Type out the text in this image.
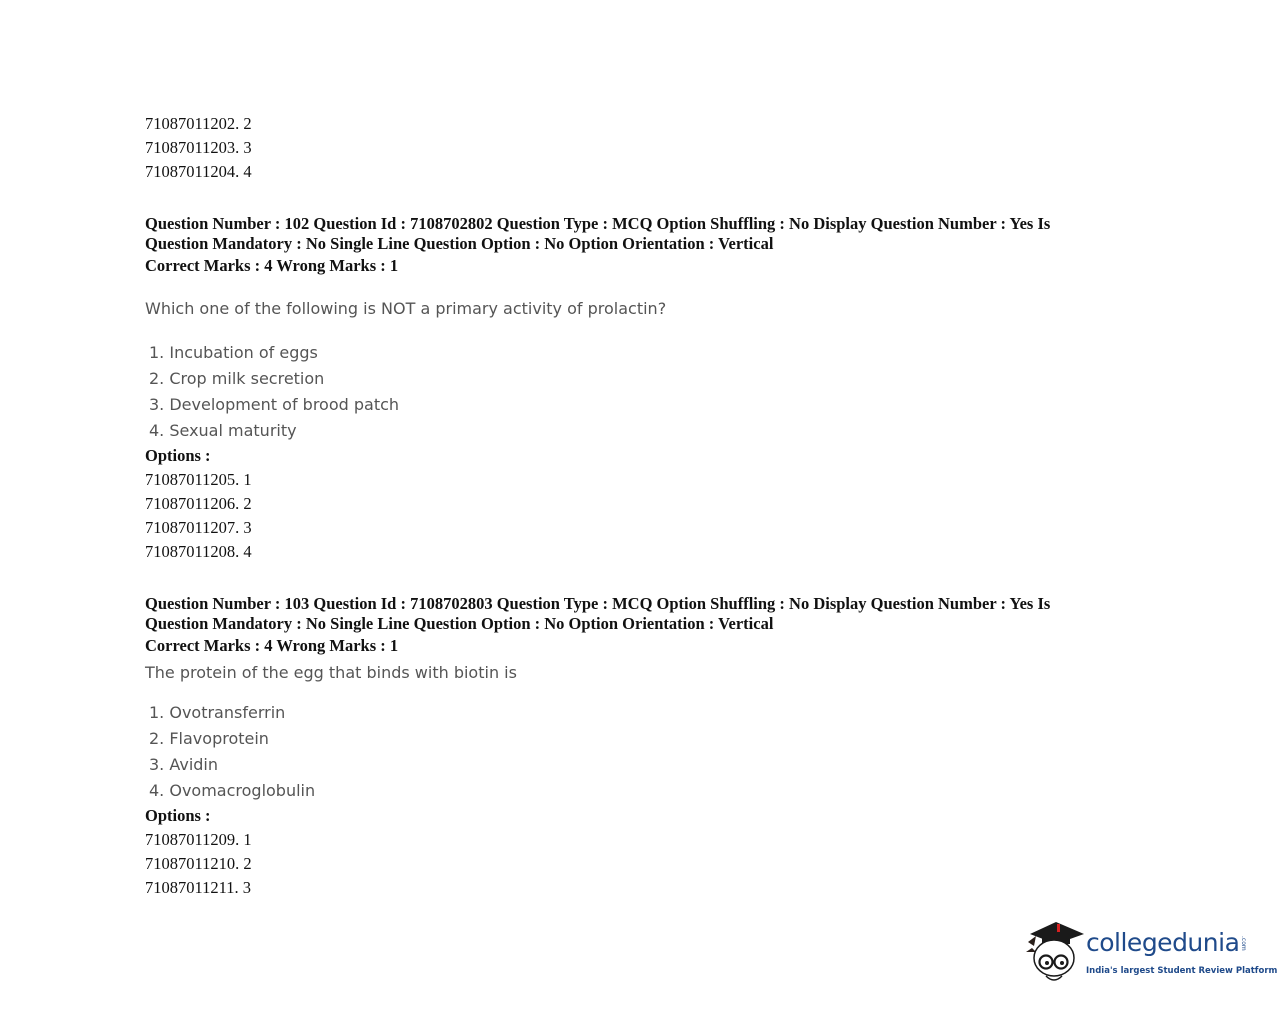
71087011202. 2
71087011203. 3
71087011204. 4
Question Number : 102 Question Id : 7108702802 Question Type : MCQ Option Shuffling : No Display Question Number : Yes Is
Question Mandatory : No Single Line Question Option : No Option Orientation : Vertical
Correct Marks : 4 Wrong Marks : 1
Which one of the following is NOT a primary activity of prolactin?
1. Incubation of eggs
2. Crop milk secretion
3. Development of brood patch
4. Sexual maturity
Options :
71087011205. 1
71087011206. 2
71087011207. 3
71087011208. 4
Question Number : 103 Question Id : 7108702803 Question Type : MCQ Option Shuffling : No Display Question Number : Yes Is
Question Mandatory : No Single Line Question Option : No Option Orientation : Vertical
Correct Marks : 4 Wrong Marks : 1
The protein of the egg that binds with biotin is
1. Ovotransferrin
2. Flavoprotein
3. Avidin
4. Ovomacroglobulin
Options :
71087011209. 1
71087011210. 2
71087011211. 3
collegedunia .com
India's largest Student Review Platform
